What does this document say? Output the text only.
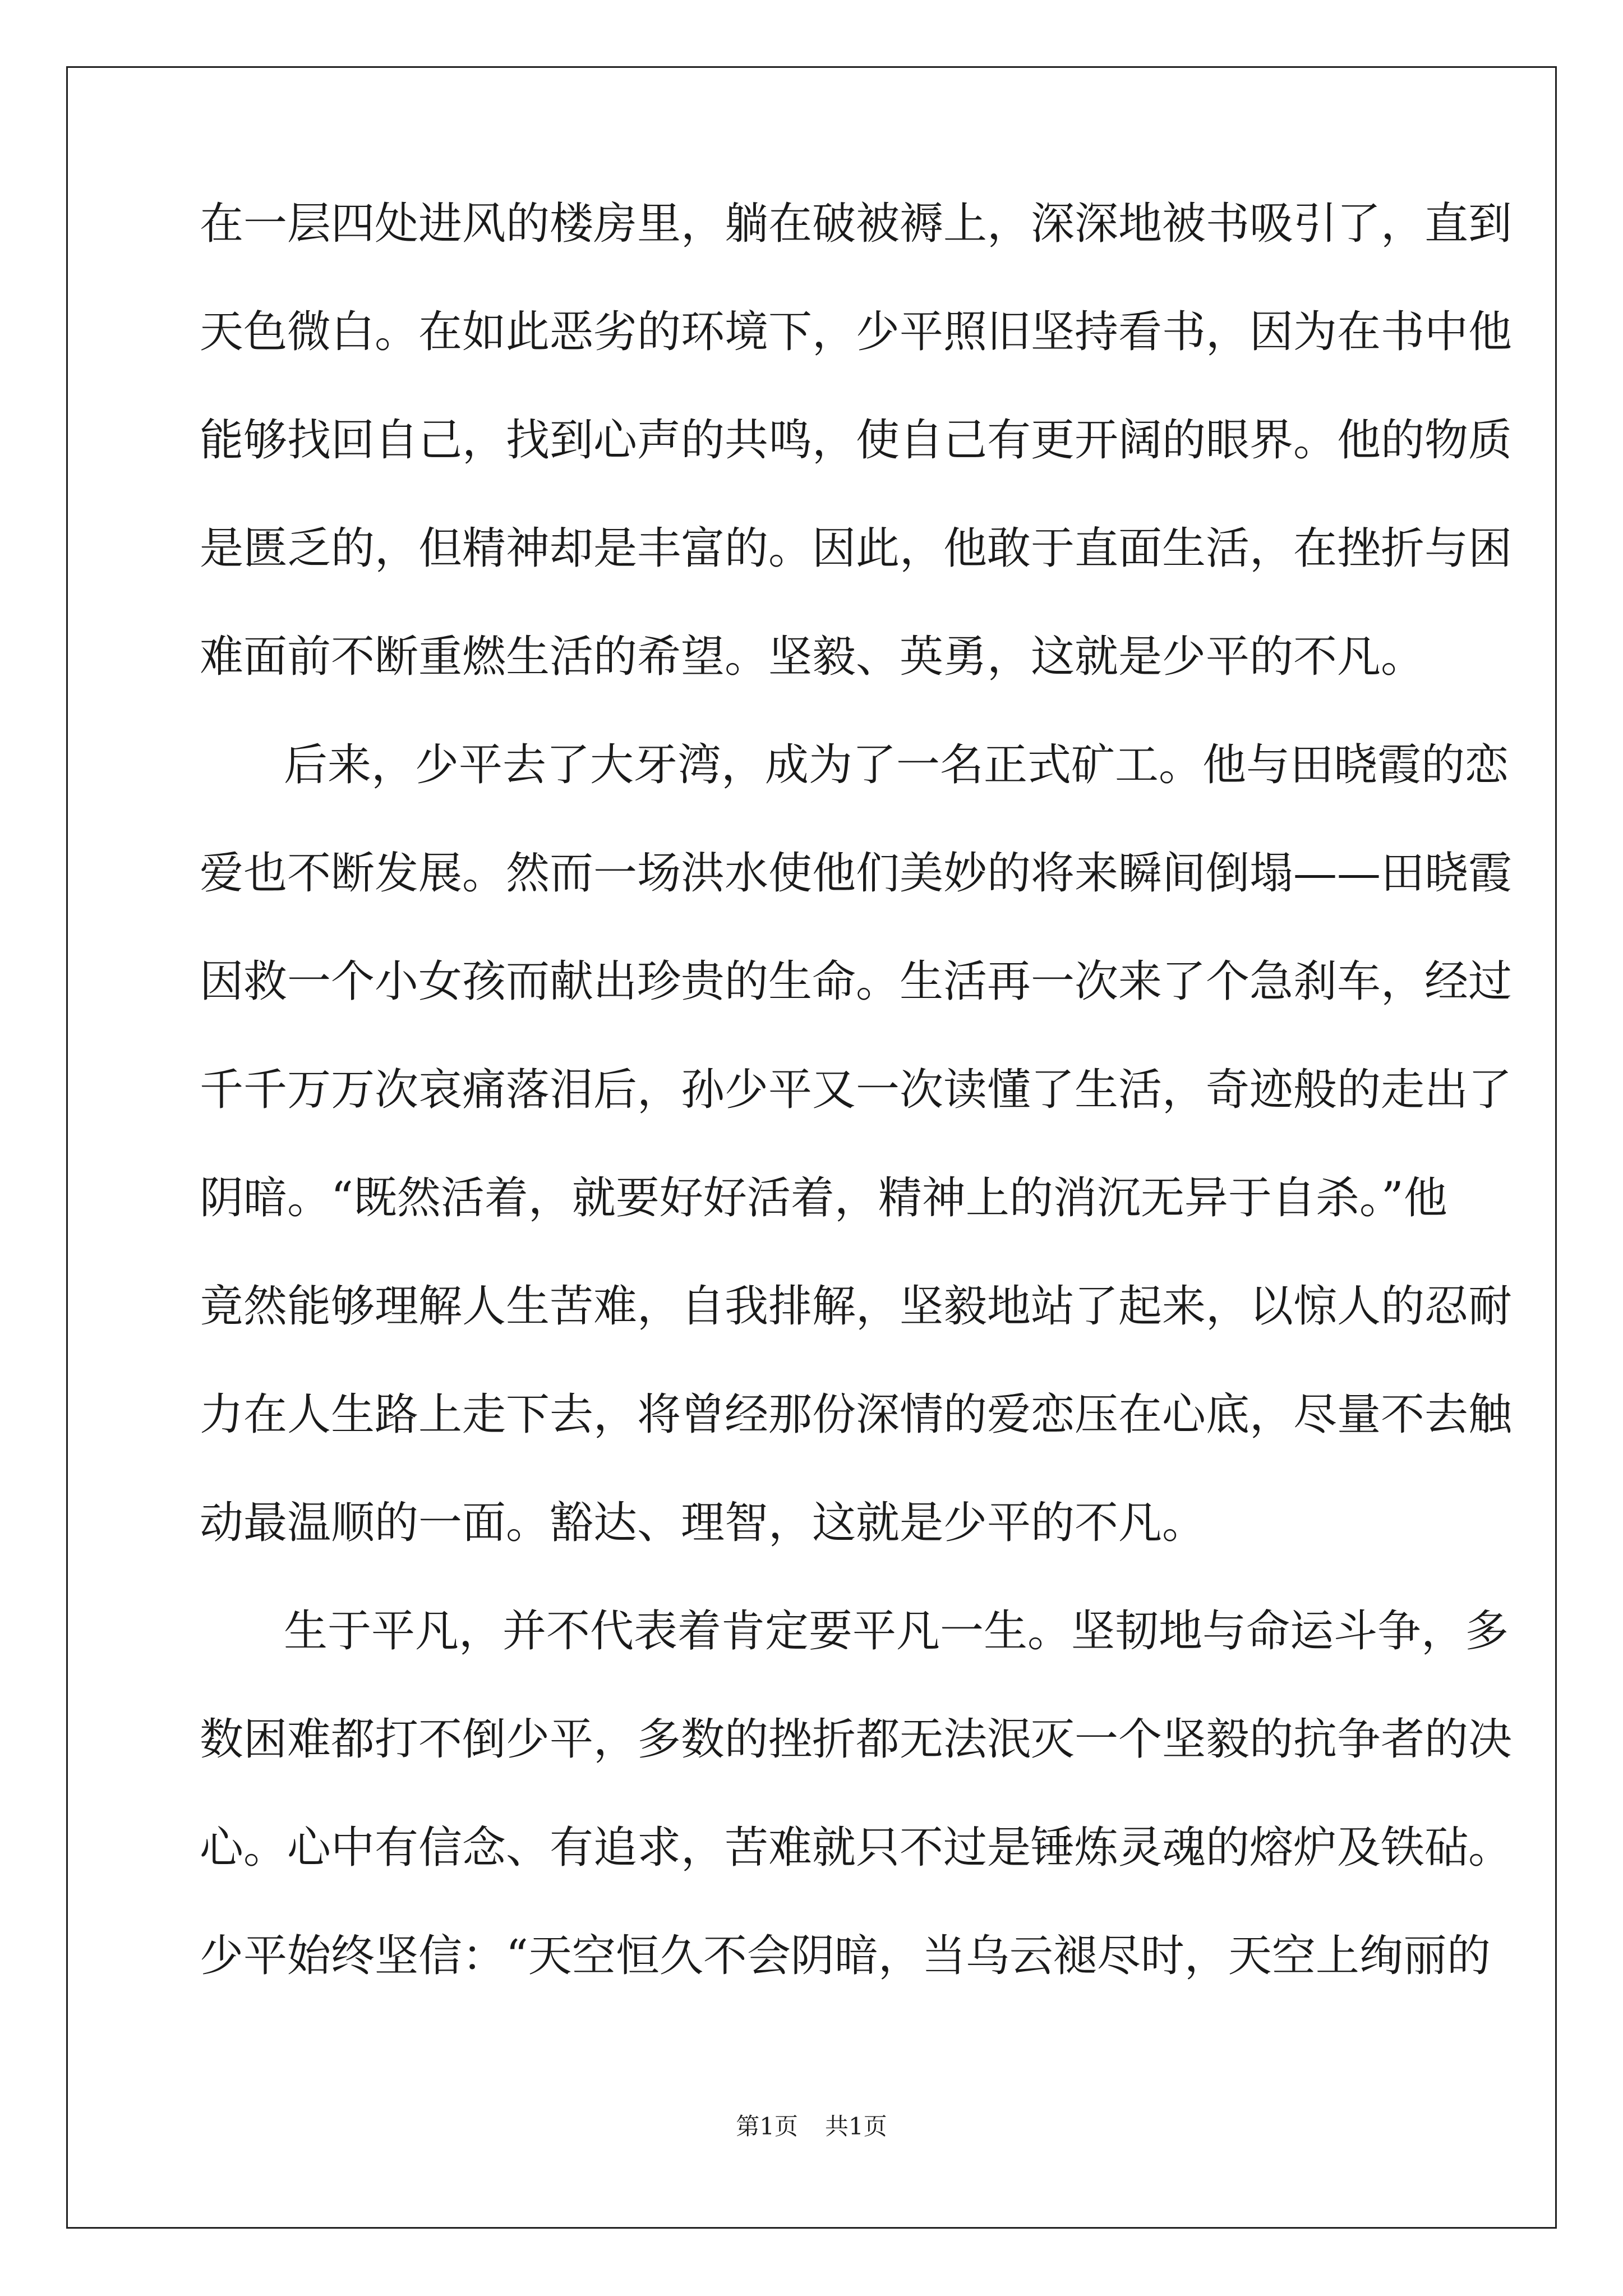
在一层四处进风的楼房里，躺在破被褥上，深深地被书吸引了，直到
天色微白。在如此恶劣的环境下，少平照旧坚持看书，因为在书中他
能够找回自己，找到心声的共鸣，使自己有更开阔的眼界。他的物质
是匮乏的，但精神却是丰富的。因此，他敢于直面生活，在挫折与困
难面前不断重燃生活的希望。坚毅、英勇，这就是少平的不凡。
后来，少平去了大牙湾，成为了一名正式矿工。他与田晓霞的恋
爱也不断发展。然而一场洪水使他们美妙的将来瞬间倒塌——田晓霞
因救一个小女孩而献出珍贵的生命。生活再一次来了个急刹车，经过
千千万万次哀痛落泪后，孙少平又一次读懂了生活，奇迹般的走出了
阴暗。“既然活着，就要好好活着，精神上的消沉无异于自杀。”他
竟然能够理解人生苦难，自我排解，坚毅地站了起来，以惊人的忍耐
力在人生路上走下去，将曾经那份深情的爱恋压在心底，尽量不去触
动最温顺的一面。豁达、理智，这就是少平的不凡。
生于平凡，并不代表着肯定要平凡一生。坚韧地与命运斗争，多
数困难都打不倒少平，多数的挫折都无法泯灭一个坚毅的抗争者的决
心。心中有信念、有追求，苦难就只不过是锤炼灵魂的熔炉及铁砧。
少平始终坚信：“天空恒久不会阴暗，当乌云褪尽时，天空上绚丽的
第1页 共1页
